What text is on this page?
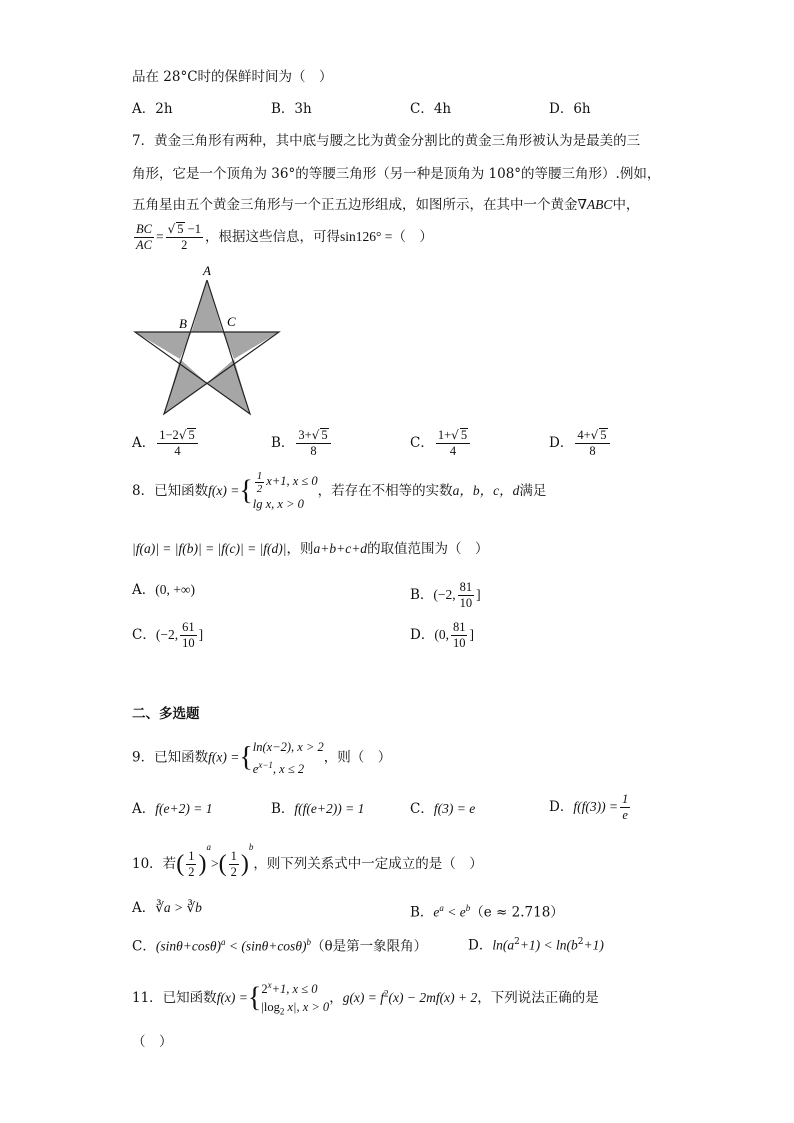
品在 28°C时的保鲜时间为（　）
A．2h	B．3h	C．4h	D．6h
7．黄金三角形有两种，其中底与腰之比为黄金分割比的黄金三角形被认为是最美的三
角形，它是一个顶角为 36°的等腰三角形（另一种是顶角为 108°的等腰三角形）.例如，
五角星由五个黄金三角形与一个正五边形组成，如图所示，在其中一个黄金∇ABC中，
$\frac{BC}{AC} = \frac{√ 5 -1}{2}$ ，根据这些信息，可得sin126° =（　）
A
B	C
A． $\frac{1-2√ 5}{4}$	B． $\frac{3+√ 5}{8}$	C． $\frac{1+√ 5}{4}$	D． $\frac{4+√ 5}{8}$
8．已知函数f(x) ={ $\frac{1}{2} x+1$, x ≤ 0
lg x, x > 0，若存在不相等的实数a，b，c，d满足
|f(a)| = |f(b)| = |f(c)| = |f(d)|，则a+b+c+d的取值范围为（　）
A．(0, +∞)	B．(−2, $\frac{81}{10}$ ]
C．(−2, $\frac{61}{10}$ ]	D．(0, $\frac{81}{10}$ ]
二、多选题
9．已知函数f(x) ={ln(x−2), x > 2
$e^{x-1}$, x ≤ 2，则（　）
A．f(e+2) = 1	B．f(f(e+2)) = 1	C．f(3) = e	D．$f(f(3)) = \frac{1}{e}$
10．若( $\frac{1}{2} )^a>( \frac{1}{2} )^b$，则下列关系式中一定成立的是（　）
A．∛a > ∛b	B．$e^a < e^b(e \approx 2.718)$
C．$(\sin\theta+\cos\theta)^a < (\sin\theta+\cos\theta)^b(\theta$是第一象限角）	D．$\ln(a^2+1) < \ln(b^2+1)$
11．已知函数$f(x) =\{2^x+1$, x ≤ 0
$|\log_2$ x|, x > 0，$g(x) = f^2(x) - 2mf(x) + 2$，下列说法正确的是
（　）
